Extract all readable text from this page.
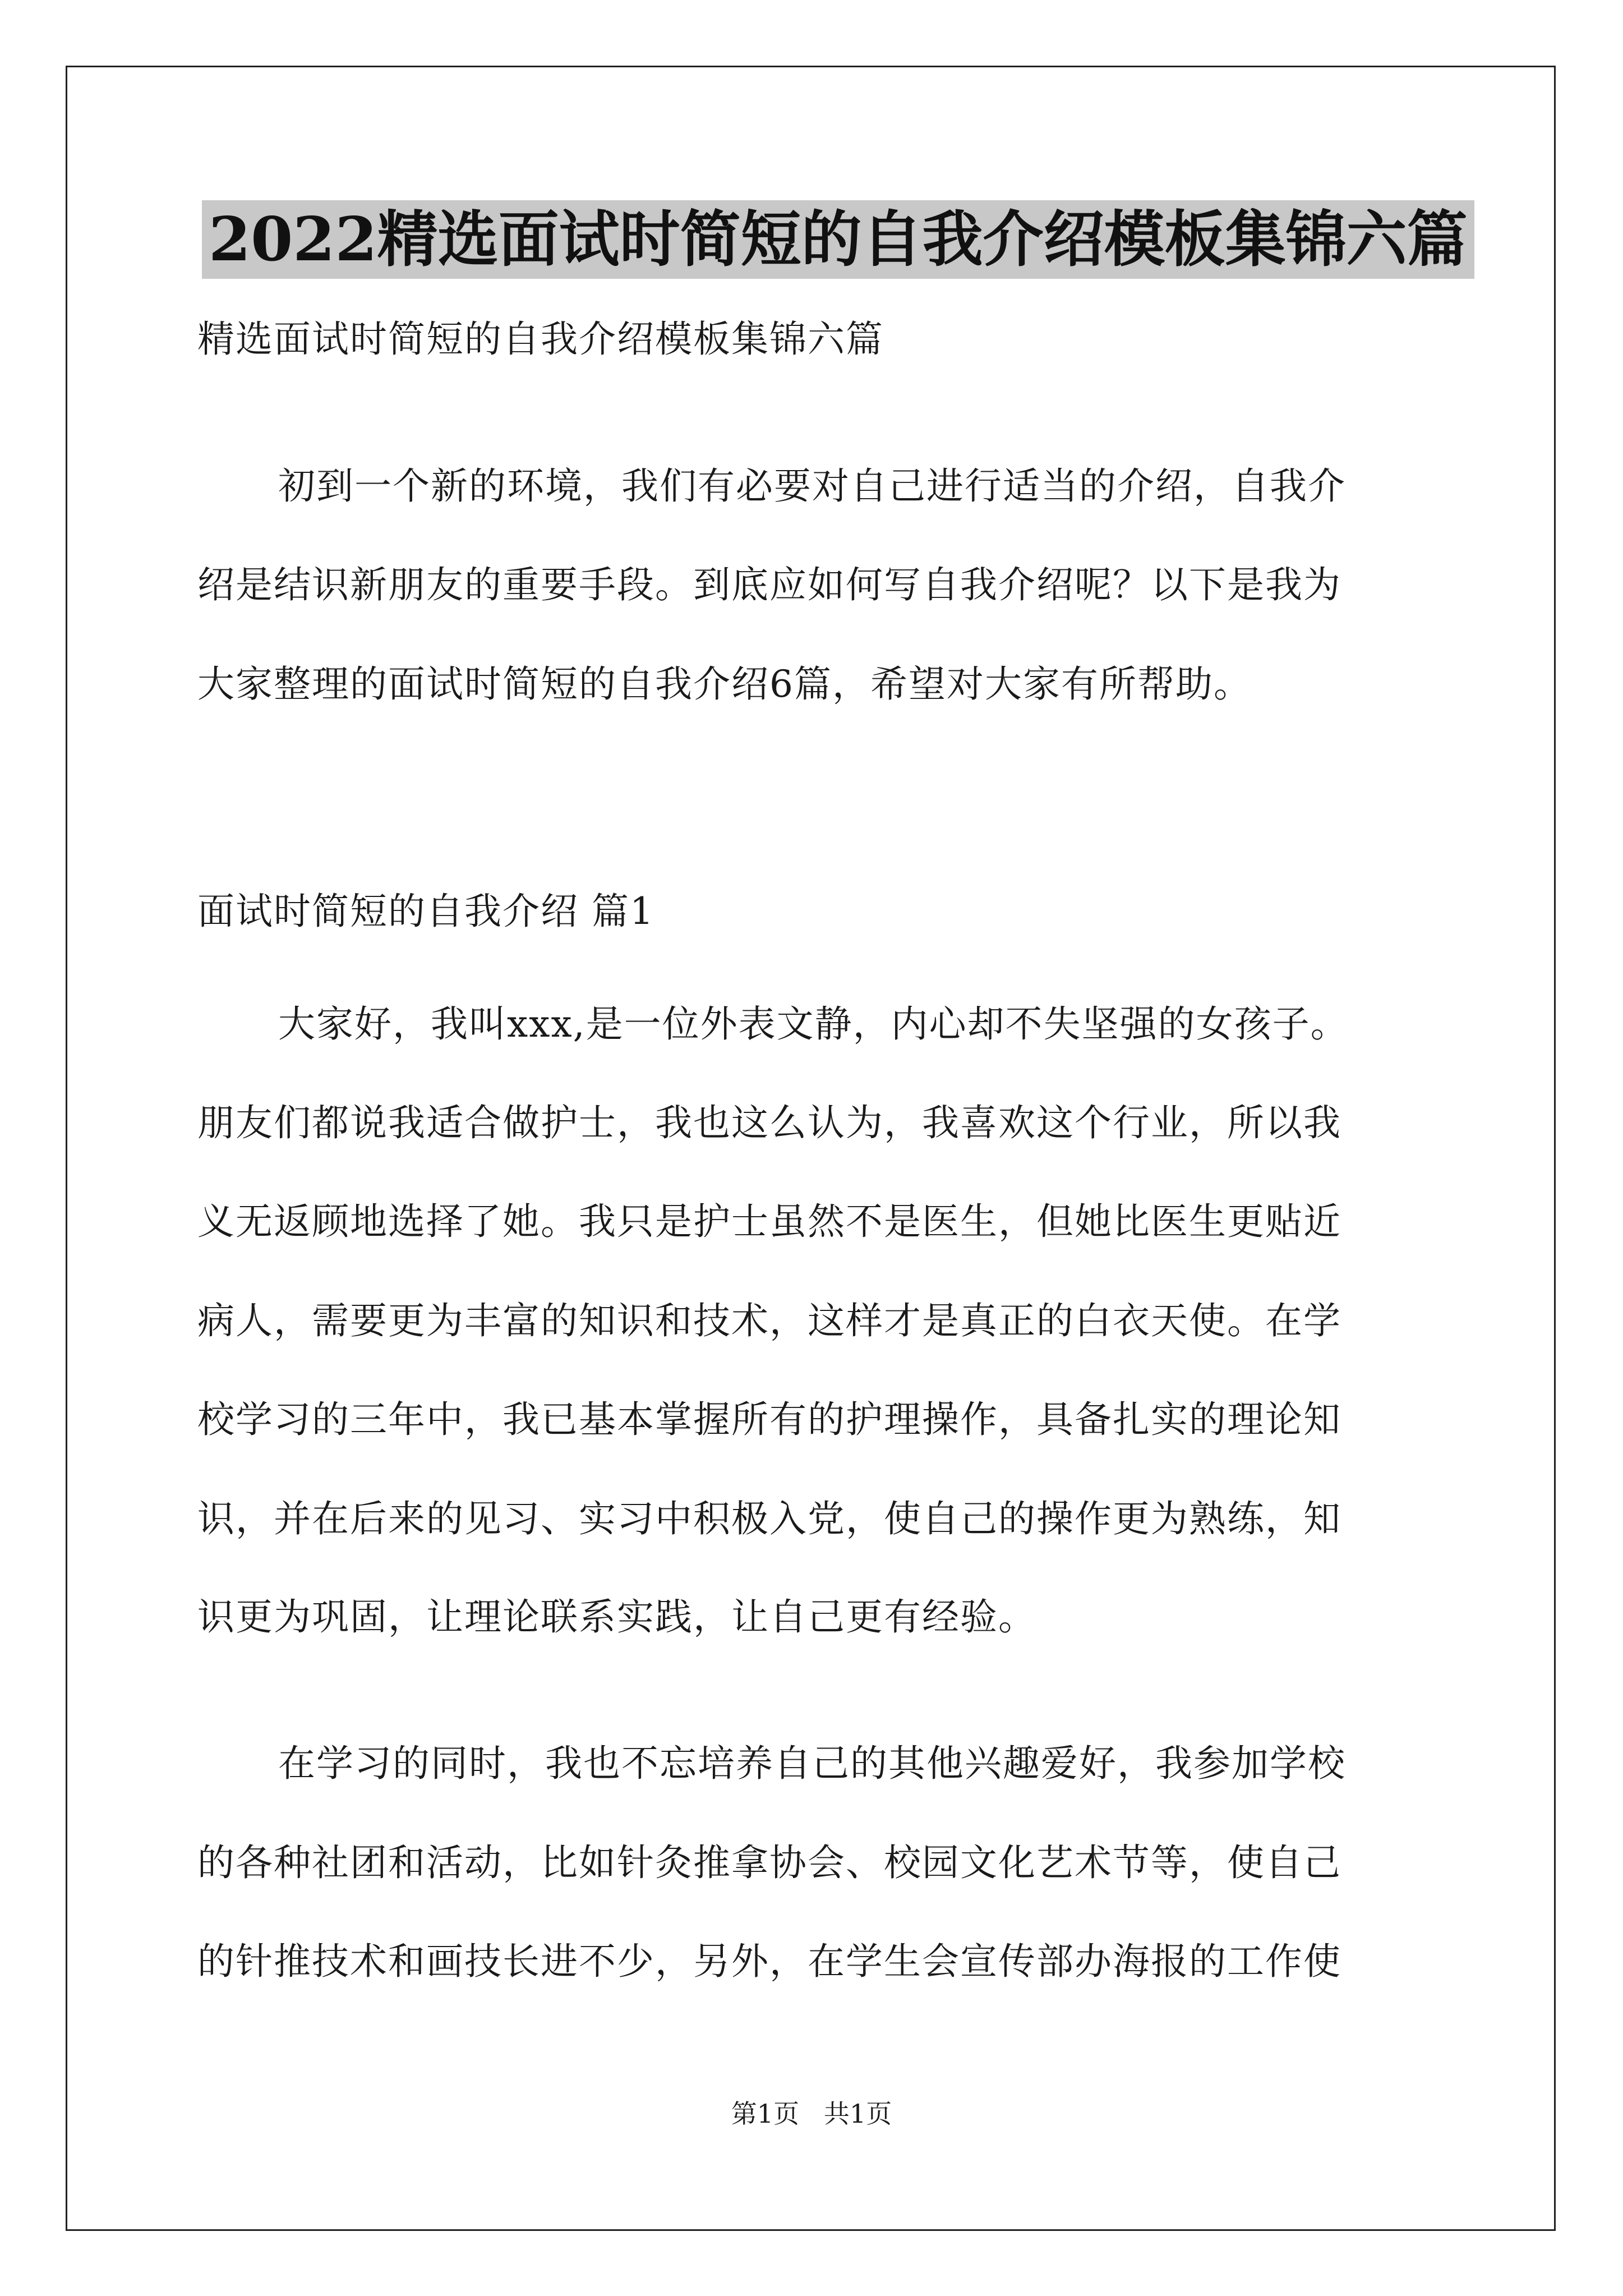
2022精选面试时简短的自我介绍模板集锦六篇
精选面试时简短的自我介绍模板集锦六篇
初到一个新的环境，我们有必要对自己进行适当的介绍，自我介
绍是结识新朋友的重要手段。到底应如何写自我介绍呢？以下是我为
大家整理的面试时简短的自我介绍6篇，希望对大家有所帮助。
面试时简短的自我介绍 篇1
大家好，我叫xxx,是一位外表文静，内心却不失坚强的女孩子。
朋友们都说我适合做护士，我也这么认为，我喜欢这个行业，所以我
义无返顾地选择了她。我只是护士虽然不是医生，但她比医生更贴近
病人，需要更为丰富的知识和技术，这样才是真正的白衣天使。在学
校学习的三年中，我已基本掌握所有的护理操作，具备扎实的理论知
识，并在后来的见习、实习中积极入党，使自己的操作更为熟练，知
识更为巩固，让理论联系实践，让自己更有经验。
在学习的同时，我也不忘培养自己的其他兴趣爱好，我参加学校
的各种社团和活动，比如针灸推拿协会、校园文化艺术节等，使自己
的针推技术和画技长进不少，另外，在学生会宣传部办海报的工作使
第1页   共1页
